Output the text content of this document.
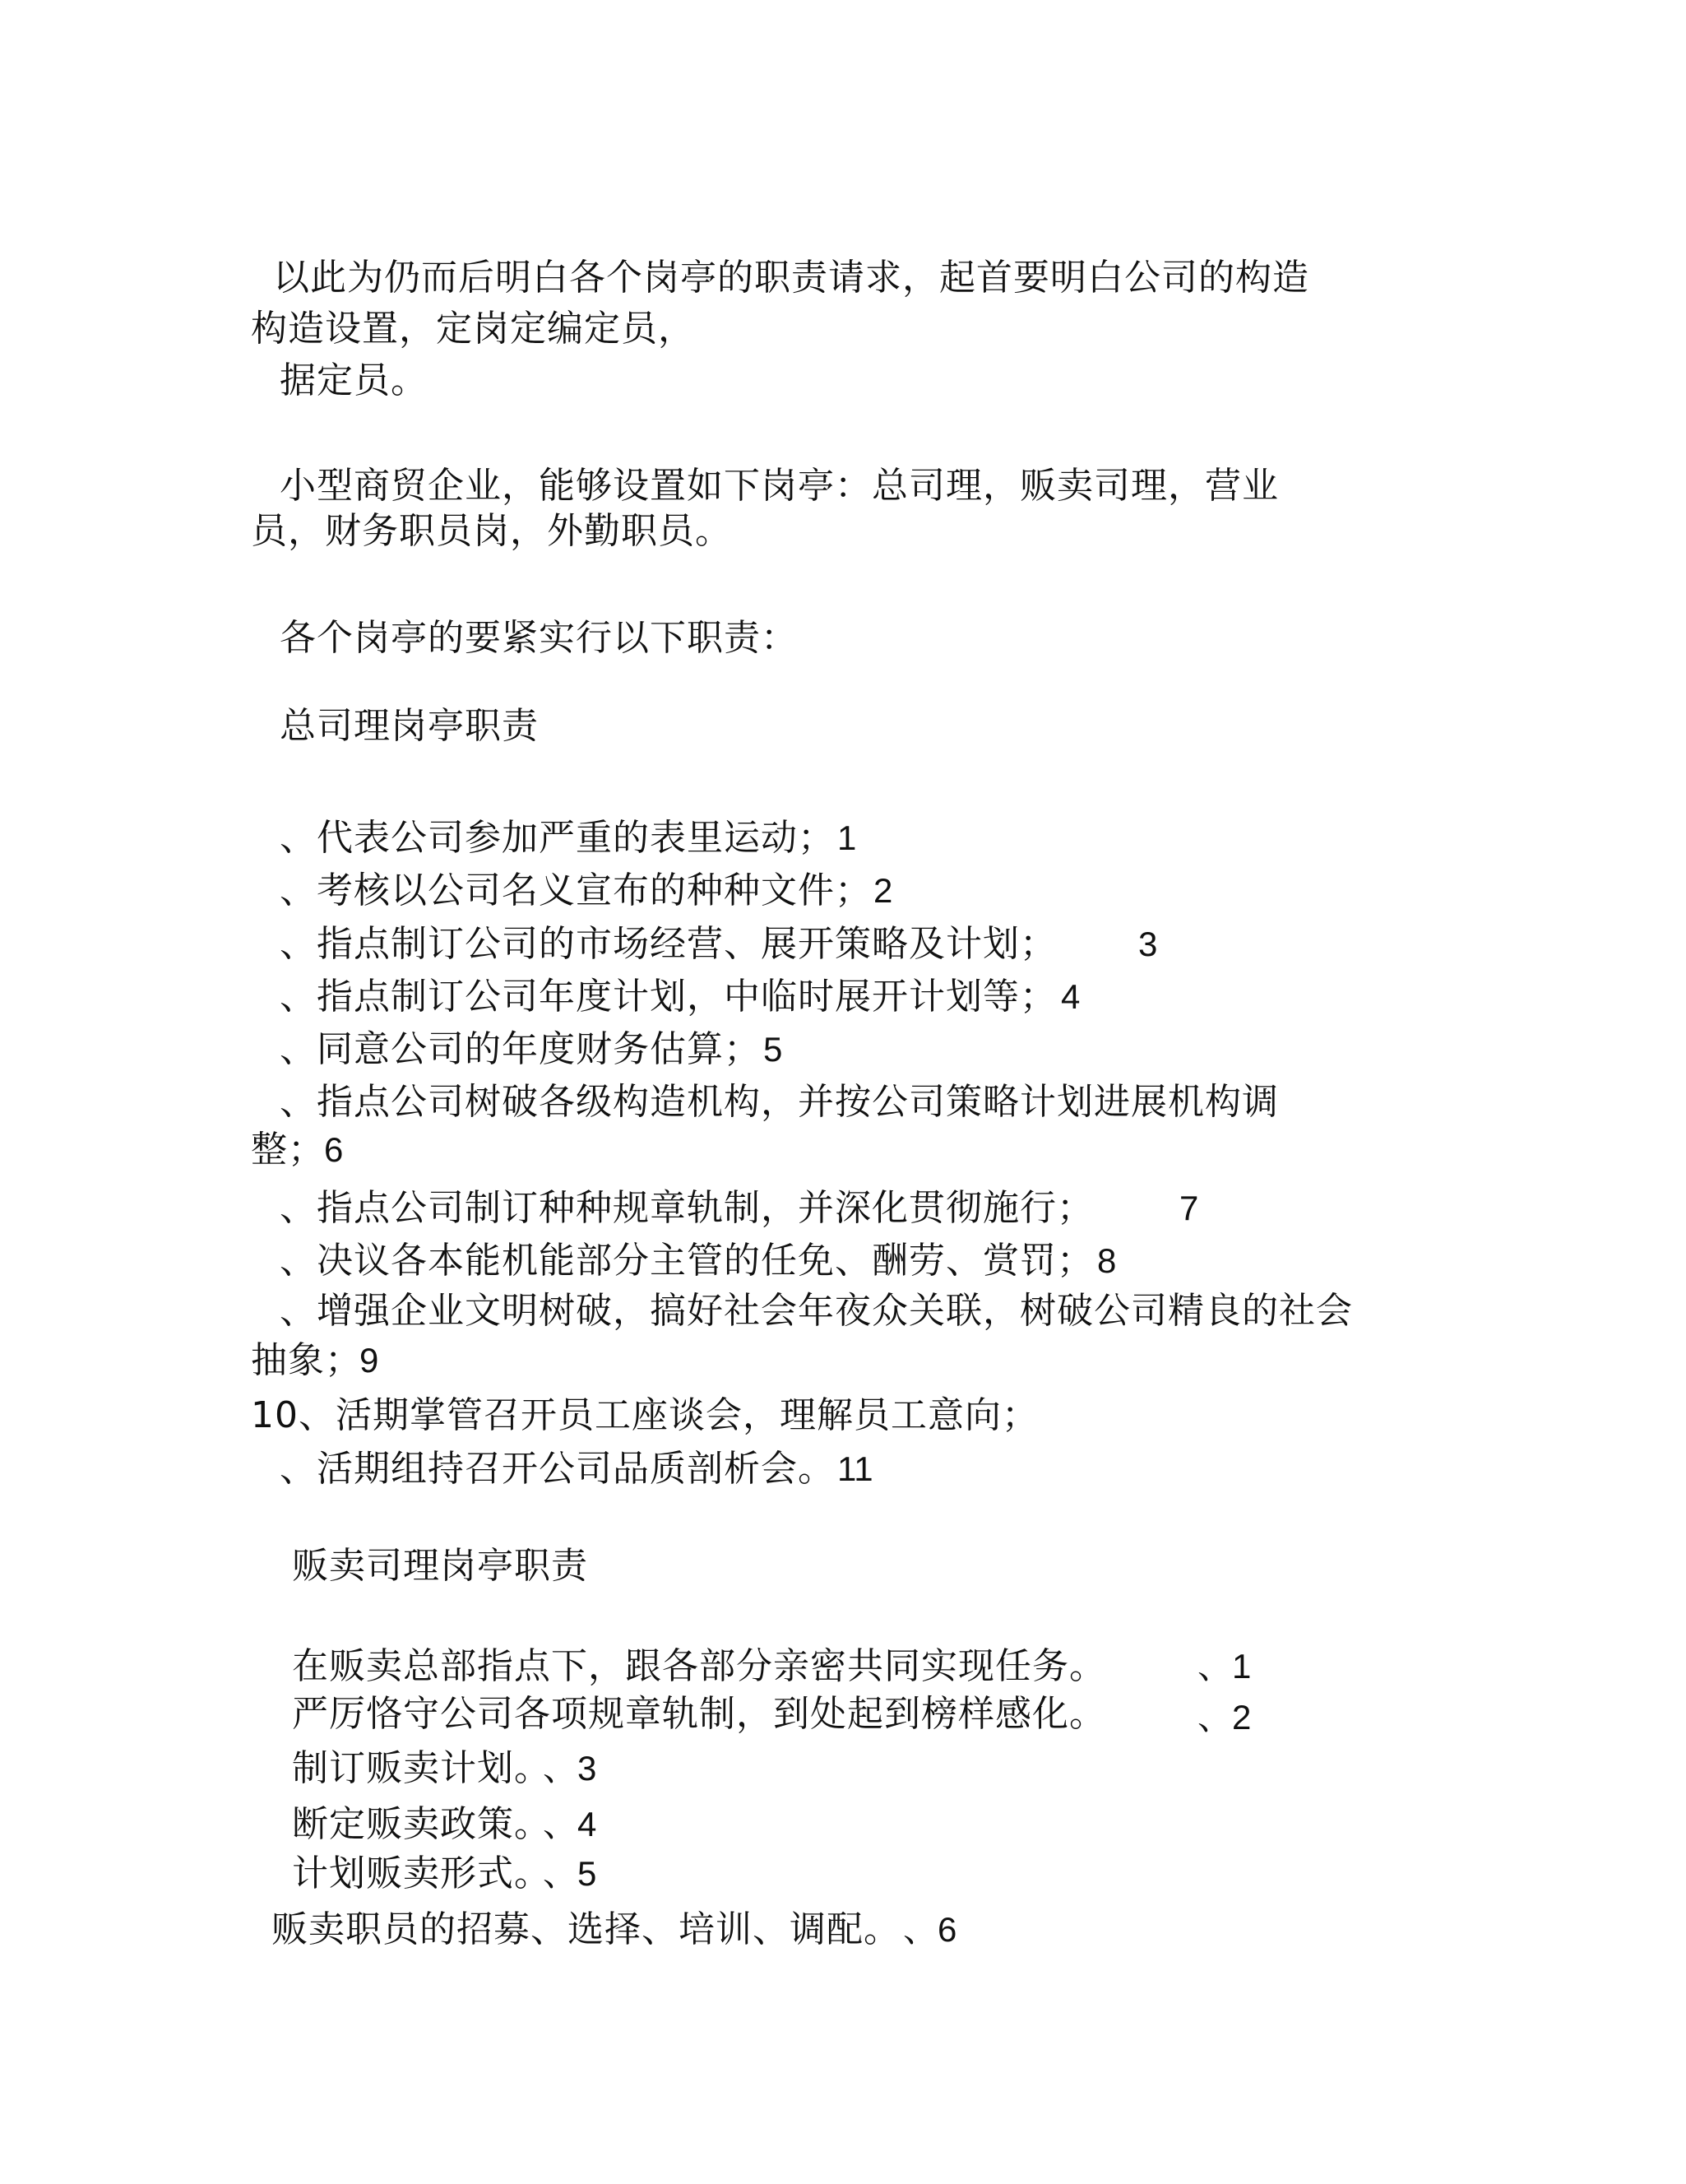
以此为仍而后明白各个岗亭的职责请求，起首要明白公司的构造
构造设置，定岗定编定员，
据定员。
小型商贸企业，能够设置如下岗亭：总司理，贩卖司理，营业
员，财务职员岗，外勤职员。
各个岗亭的要紧实行以下职责：
总司理岗亭职责
、代表公司参加严重的表里运动； 1
、考核以公司名义宣布的种种文件； 2
、指点制订公司的市场经营、展开策略及计划； 3
、指点制订公司年度计划，中临时展开计划等； 4
、同意公司的年度财务估算； 5
、指点公司树破各级构造机构，并按公司策略计划进展机构调
整； 6
、指点公司制订种种规章轨制，并深化贯彻施行； 7
、决议各本能机能部分主管的任免、酬劳、赏罚； 8
、增强企业文明树破，搞好社会年夜众关联，树破公司精良的社会
抽象；
9
10、活期掌管召开员工座谈会，理解员工意向；
、活期组持召开公司品质剖析会。 11
贩卖司理岗亭职责
在贩卖总部指点下，跟各部分亲密共同实现任务。	、1
严厉恪守公司各项规章轨制，到处起到榜样感化。	、2
制订贩卖计划。
、3
断定贩卖政策。
、4
计划贩卖形式。
、5
贩卖职员的招募、选择、培训、调配。 、6
